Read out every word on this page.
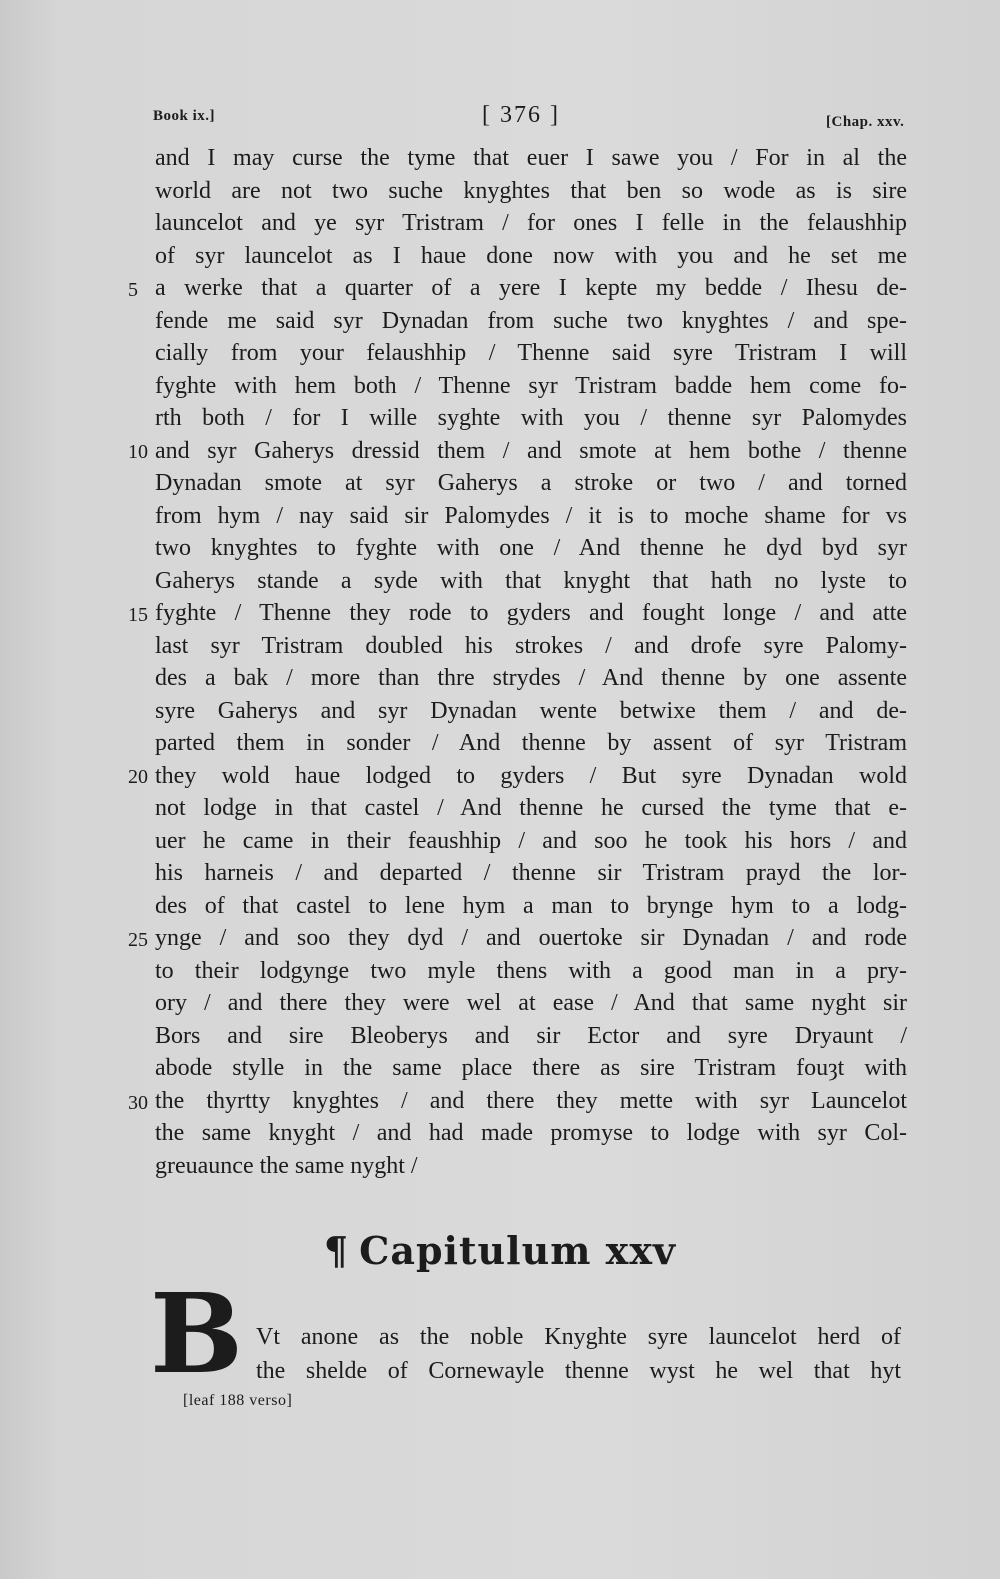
Book ix.]	[ 376 ]	[Chap. xxv.
5
10
15
20
25
30
and I may curse the tyme that euer I sawe you / For in al the
world are not two suche knyghtes that ben so wode as is sire
launcelot and ye syr Tristram / for ones I felle in the felaushhip
of syr launcelot as I haue done now with you and he set me
a werke that a quarter of a yere I kepte my bedde / Ihesu de-
fende me said syr Dynadan from suche two knyghtes / and spe-
cially from your felaushhip / Thenne said syre Tristram I will
fyghte with hem both / Thenne syr Tristram badde hem come fo-
rth both / for I wille syghte with you / thenne syr Palomydes
and syr Gaherys dressid them / and smote at hem bothe / thenne
Dynadan smote at syr Gaherys a stroke or two / and torned
from hym / nay said sir Palomydes / it is to moche shame for vs
two knyghtes to fyghte with one / And thenne he dyd byd syr
Gaherys stande a syde with that knyght that hath no lyste to
fyghte / Thenne they rode to gyders and fought longe / and atte
last syr Tristram doubled his strokes / and drofe syre Palomy-
des a bak / more than thre strydes / And thenne by one assente
syre Gaherys and syr Dynadan wente betwixe them / and de-
parted them in sonder / And thenne by assent of syr Tristram
they wold haue lodged to gyders / But syre Dynadan wold
not lodge in that castel / And thenne he cursed the tyme that e-
uer he came in their feaushhip / and soo he took his hors / and
his harneis / and departed / thenne sir Tristram prayd the lor-
des of that castel to lene hym a man to brynge hym to a lodg-
ynge / and soo they dyd / and ouertoke sir Dynadan / and rode
to their lodgynge two myle thens with a good man in a pry-
ory / and there they were wel at ease / And that same nyght sir
Bors and sire Bleoberys and sir Ector and syre Dryaunt /
abode stylle in the same place there as sire Tristram fouȝt with
the thyrtty knyghtes / and there they mette with syr Launcelot
the same knyght / and had made promyse to lodge with syr Col-
greuaunce the same nyght /
¶ Capitulum xxv
B Vt anone as the noble Knyghte syre launcelot herd of
the shelde of Cornewayle thenne wyst he wel that hyt
[leaf 188 verso]
